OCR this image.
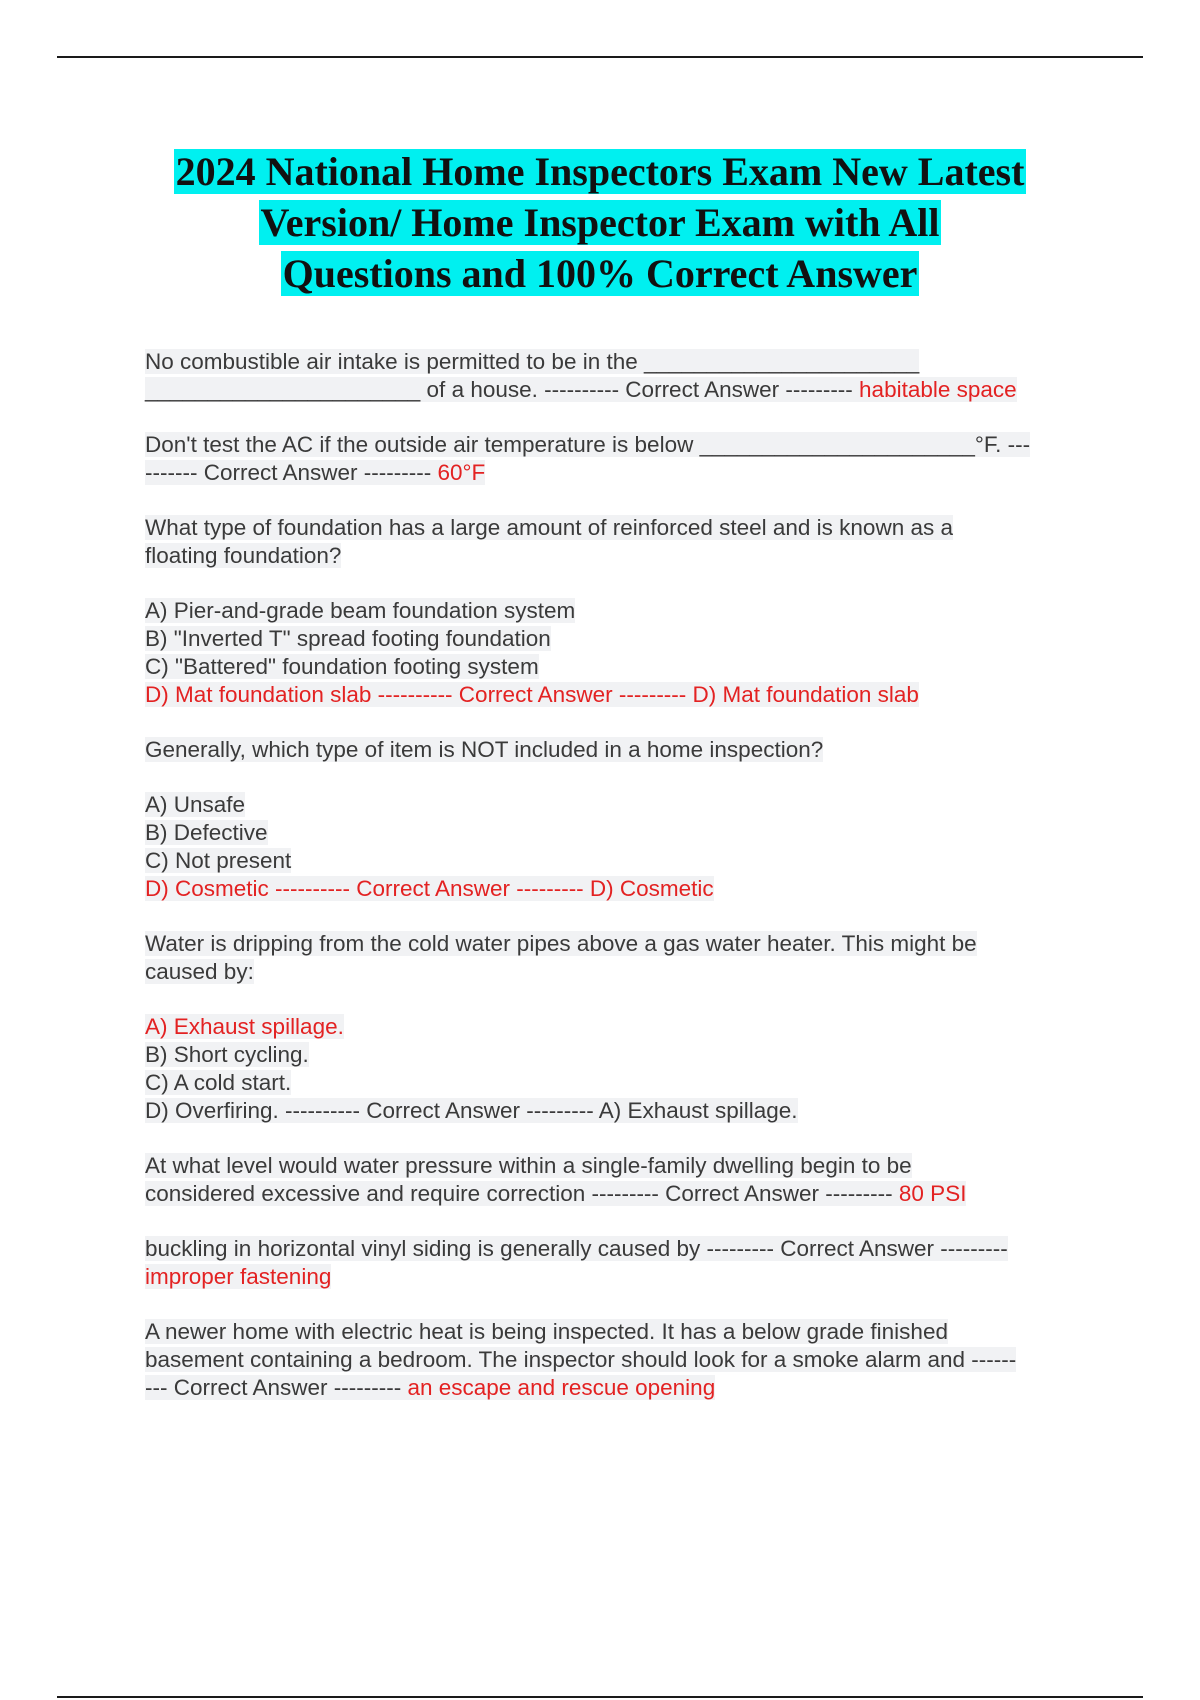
2024 National Home Inspectors Exam New Latest
Version/ Home Inspector Exam with All
Questions and 100% Correct Answer
No combustible air intake is permitted to be in the ______________________
______________________ of a house. ---------- Correct Answer --------- habitable space
Don't test the AC if the outside air temperature is below ______________________°F. ---
------- Correct Answer --------- 60°F
What type of foundation has a large amount of reinforced steel and is known as a
floating foundation?
A) Pier-and-grade beam foundation system
B) "Inverted T" spread footing foundation
C) "Battered" foundation footing system
D) Mat foundation slab ---------- Correct Answer --------- D) Mat foundation slab
Generally, which type of item is NOT included in a home inspection?
A) Unsafe
B) Defective
C) Not present
D) Cosmetic ---------- Correct Answer --------- D) Cosmetic
Water is dripping from the cold water pipes above a gas water heater. This might be
caused by:
A) Exhaust spillage.
B) Short cycling.
C) A cold start.
D) Overfiring. ---------- Correct Answer --------- A) Exhaust spillage.
At what level would water pressure within a single-family dwelling begin to be
considered excessive and require correction --------- Correct Answer --------- 80 PSI
buckling in horizontal vinyl siding is generally caused by --------- Correct Answer ---------
improper fastening
A newer home with electric heat is being inspected. It has a below grade finished
basement containing a bedroom. The inspector should look for a smoke alarm and ------
--- Correct Answer --------- an escape and rescue opening
